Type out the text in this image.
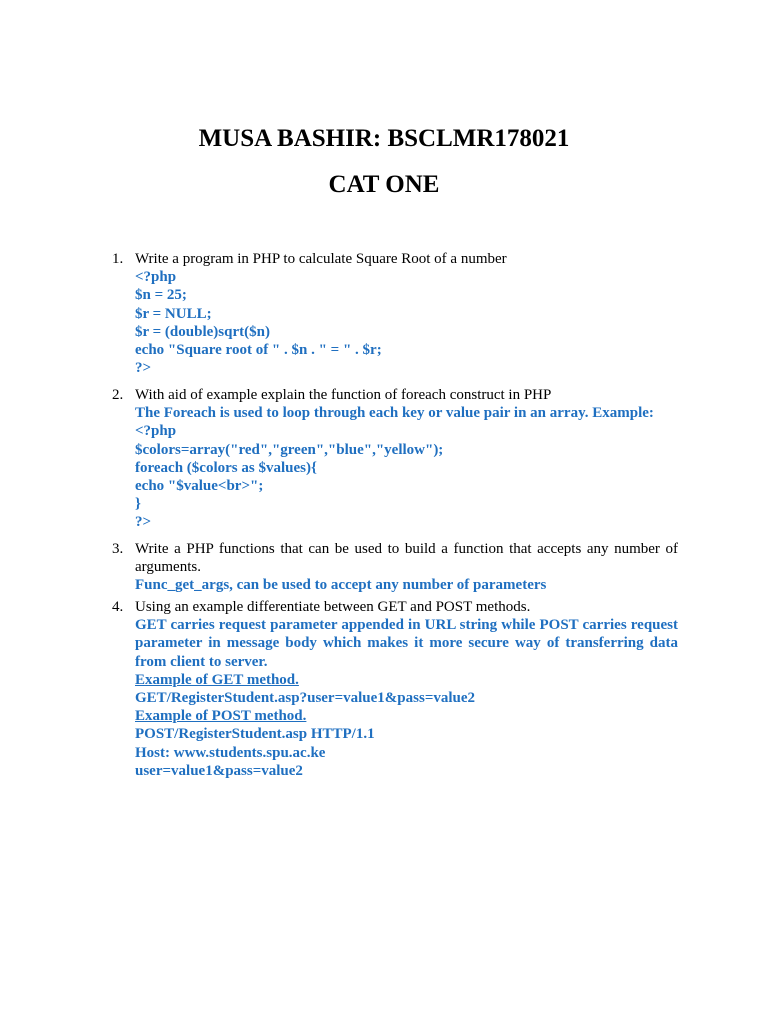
MUSA BASHIR: BSCLMR178021
CAT ONE
1. Write a program in PHP to calculate Square Root of a number
<?php
$n = 25;
$r = NULL;
$r = (double)sqrt($n)
echo "Square root of " . $n . " = " . $r;
?>
2. With aid of example explain the function of foreach construct in PHP
The Foreach is used to loop through each key or value pair in an array. Example:
<?php
$colors=array("red","green","blue","yellow");
foreach ($colors as $values){
echo "$value<br>";
}
?>
3. Write a PHP functions that can be used to build a function that accepts any number of arguments.
Func_get_args, can be used to accept any number of parameters
4. Using an example differentiate between GET and POST methods.
GET carries request parameter appended in URL string while POST carries request parameter in message body which makes it more secure way of transferring data from client to server.
Example of GET method.
GET/RegisterStudent.asp?user=value1&pass=value2
Example of POST method.
POST/RegisterStudent.asp HTTP/1.1
Host: www.students.spu.ac.ke
user=value1&pass=value2
